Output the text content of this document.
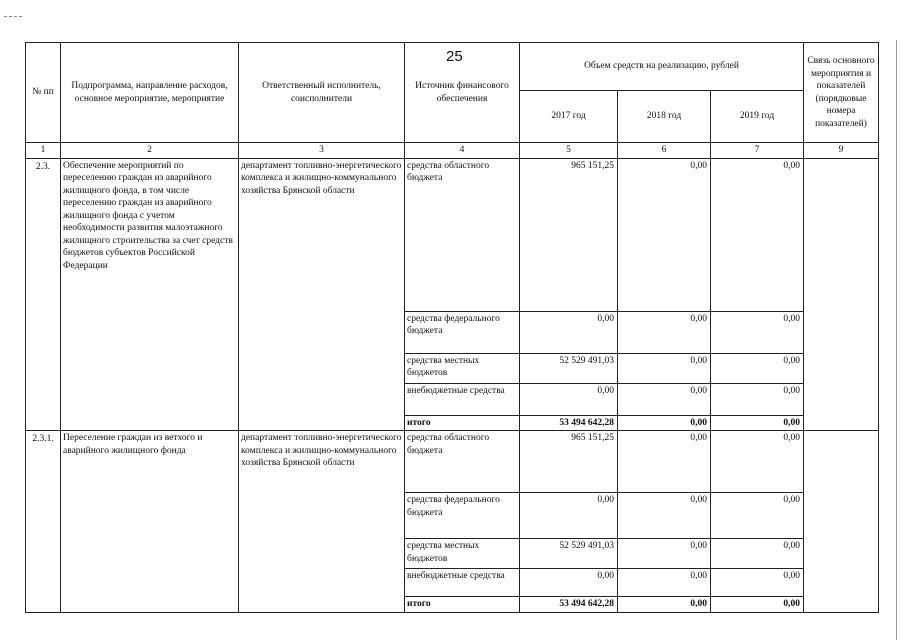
25
№ пп	Подпрограмма, направление расходов, основное мероприятие, мероприятие	Ответственный исполнитель, соисполнители	Источник финансового обеспечения	Объем средств на реализацию, рублей			Связь основного мероприятия и показателей (порядковые номера показателей)
				2017 год	2018 год	2019 год	
1	2	3	4	5	6	7	9
2.3.	Обеспечение мероприятий по переселению граждан из аварийного жилищного фонда, в том числе переселению граждан из аварийного жилищного фонда с учетом необходимости развития малоэтажного жилищного строительства за счет средств бюджетов субъектов Российской Федерации	департамент топливно-энергетического комплекса и жилищно-коммунального хозяйства Брянской области	средства областного бюджета	965 151,25	0,00	0,00	
			средства федерального бюджета	0,00	0,00	0,00	
			средства местных бюджетов	52 529 491,03	0,00	0,00	
			внебюджетные средства	0,00	0,00	0,00	
			итого	53 494 642,28	0,00	0,00	
2.3.1.	Переселение граждан из ветхого и аварийного жилищного фонда	департамент топливно-энергетического комплекса и жилищно-коммунального хозяйства Брянской области	средства областного бюджета	965 151,25	0,00	0,00	
			средства федерального бюджета	0,00	0,00	0,00	
			средства местных бюджетов	52 529 491,03	0,00	0,00	
			внебюджетные средства	0,00	0,00	0,00	
			итого	53 494 642,28	0,00	0,00	
